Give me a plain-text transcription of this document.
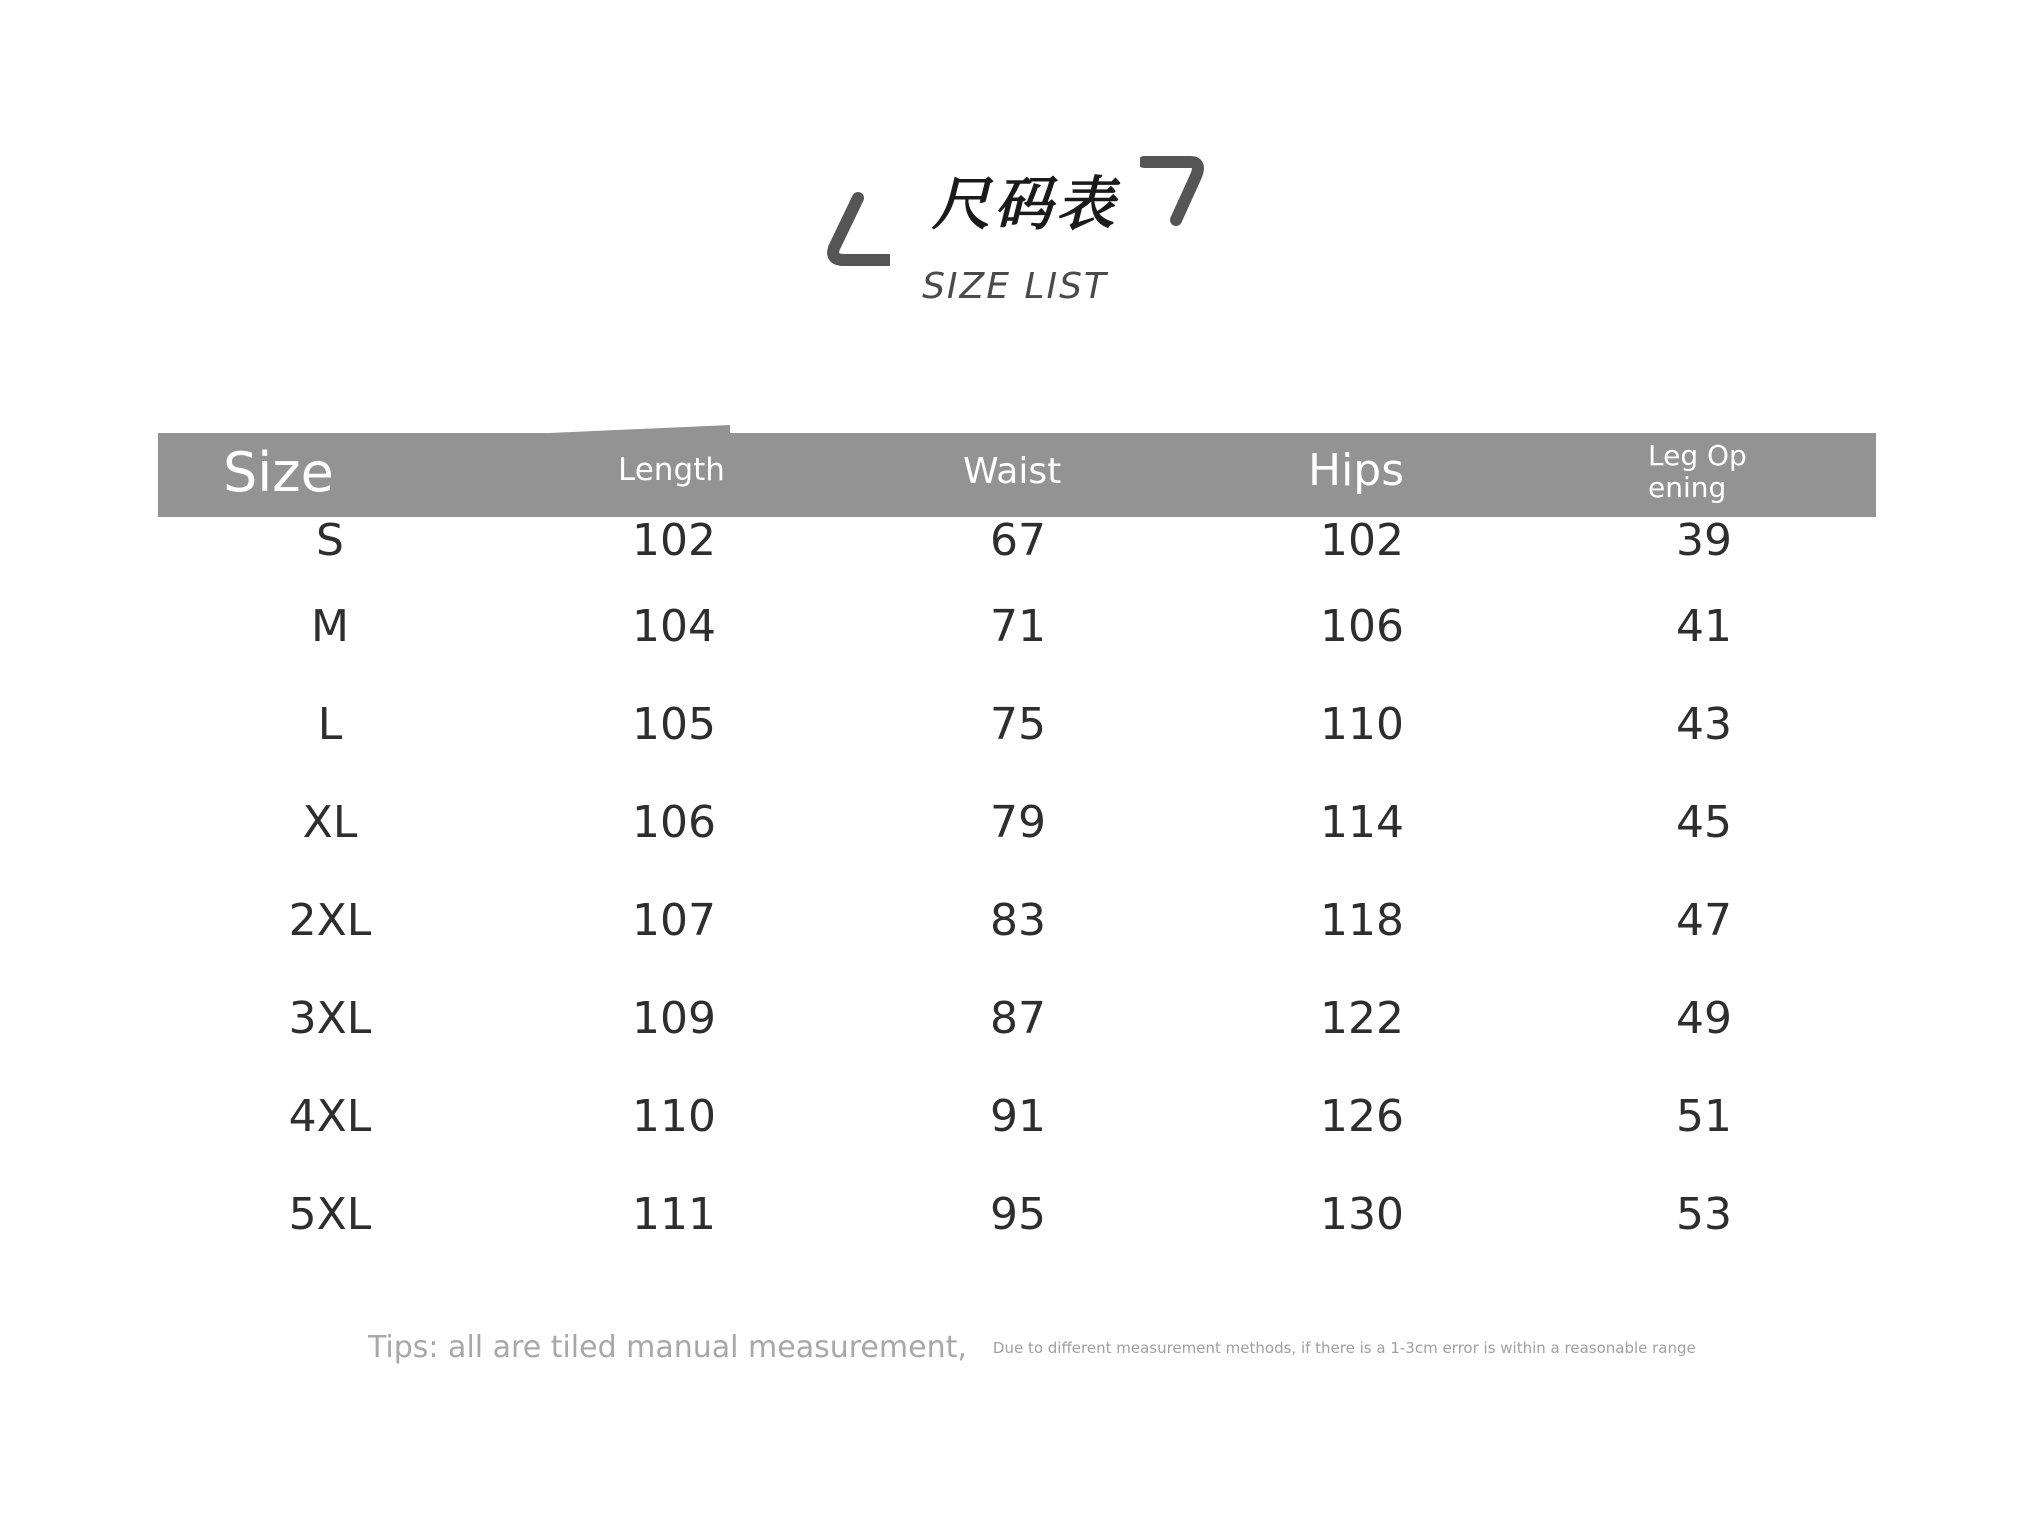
尺码表
SIZE LIST
Size	Length	Waist	Hips	Leg Op ening
S	102	67	102	39
M	104	71	106	41
L	105	75	110	43
XL	106	79	114	45
2XL	107	83	118	47
3XL	109	87	122	49
4XL	110	91	126	51
5XL	111	95	130	53
Tips: all are tiled manual measurement, Due to different measurement methods, if there is a 1-3cm error is within a reasonable range
